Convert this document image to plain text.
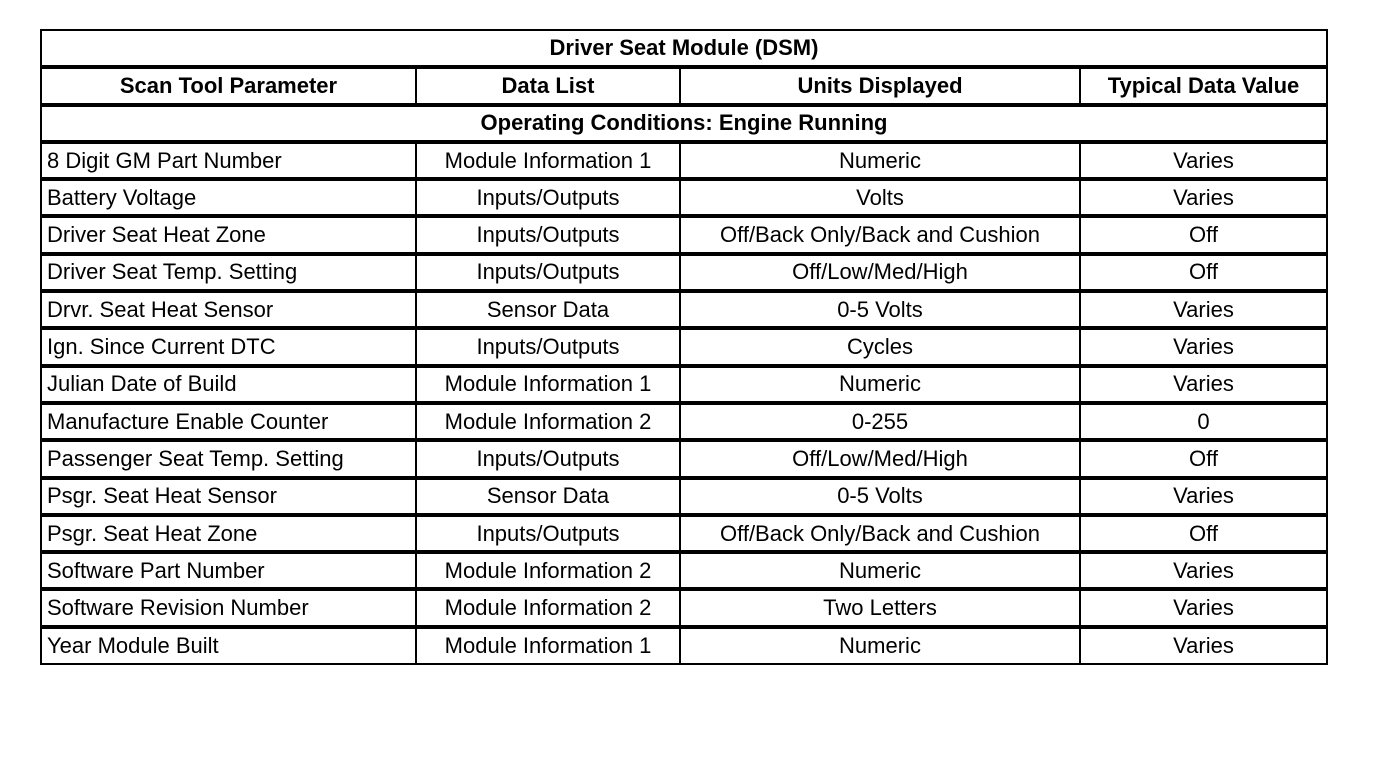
Driver Seat Module (DSM)			
Scan Tool Parameter	Data List	Units Displayed	Typical Data Value
Operating Conditions: Engine Running			
8 Digit GM Part Number	Module Information 1	Numeric	Varies
Battery Voltage	Inputs/Outputs	Volts	Varies
Driver Seat Heat Zone	Inputs/Outputs	Off/Back Only/Back and Cushion	Off
Driver Seat Temp. Setting	Inputs/Outputs	Off/Low/Med/High	Off
Drvr. Seat Heat Sensor	Sensor Data	0-5 Volts	Varies
Ign. Since Current DTC	Inputs/Outputs	Cycles	Varies
Julian Date of Build	Module Information 1	Numeric	Varies
Manufacture Enable Counter	Module Information 2	0-255	0
Passenger Seat Temp. Setting	Inputs/Outputs	Off/Low/Med/High	Off
Psgr. Seat Heat Sensor	Sensor Data	0-5 Volts	Varies
Psgr. Seat Heat Zone	Inputs/Outputs	Off/Back Only/Back and Cushion	Off
Software Part Number	Module Information 2	Numeric	Varies
Software Revision Number	Module Information 2	Two Letters	Varies
Year Module Built	Module Information 1	Numeric	Varies
